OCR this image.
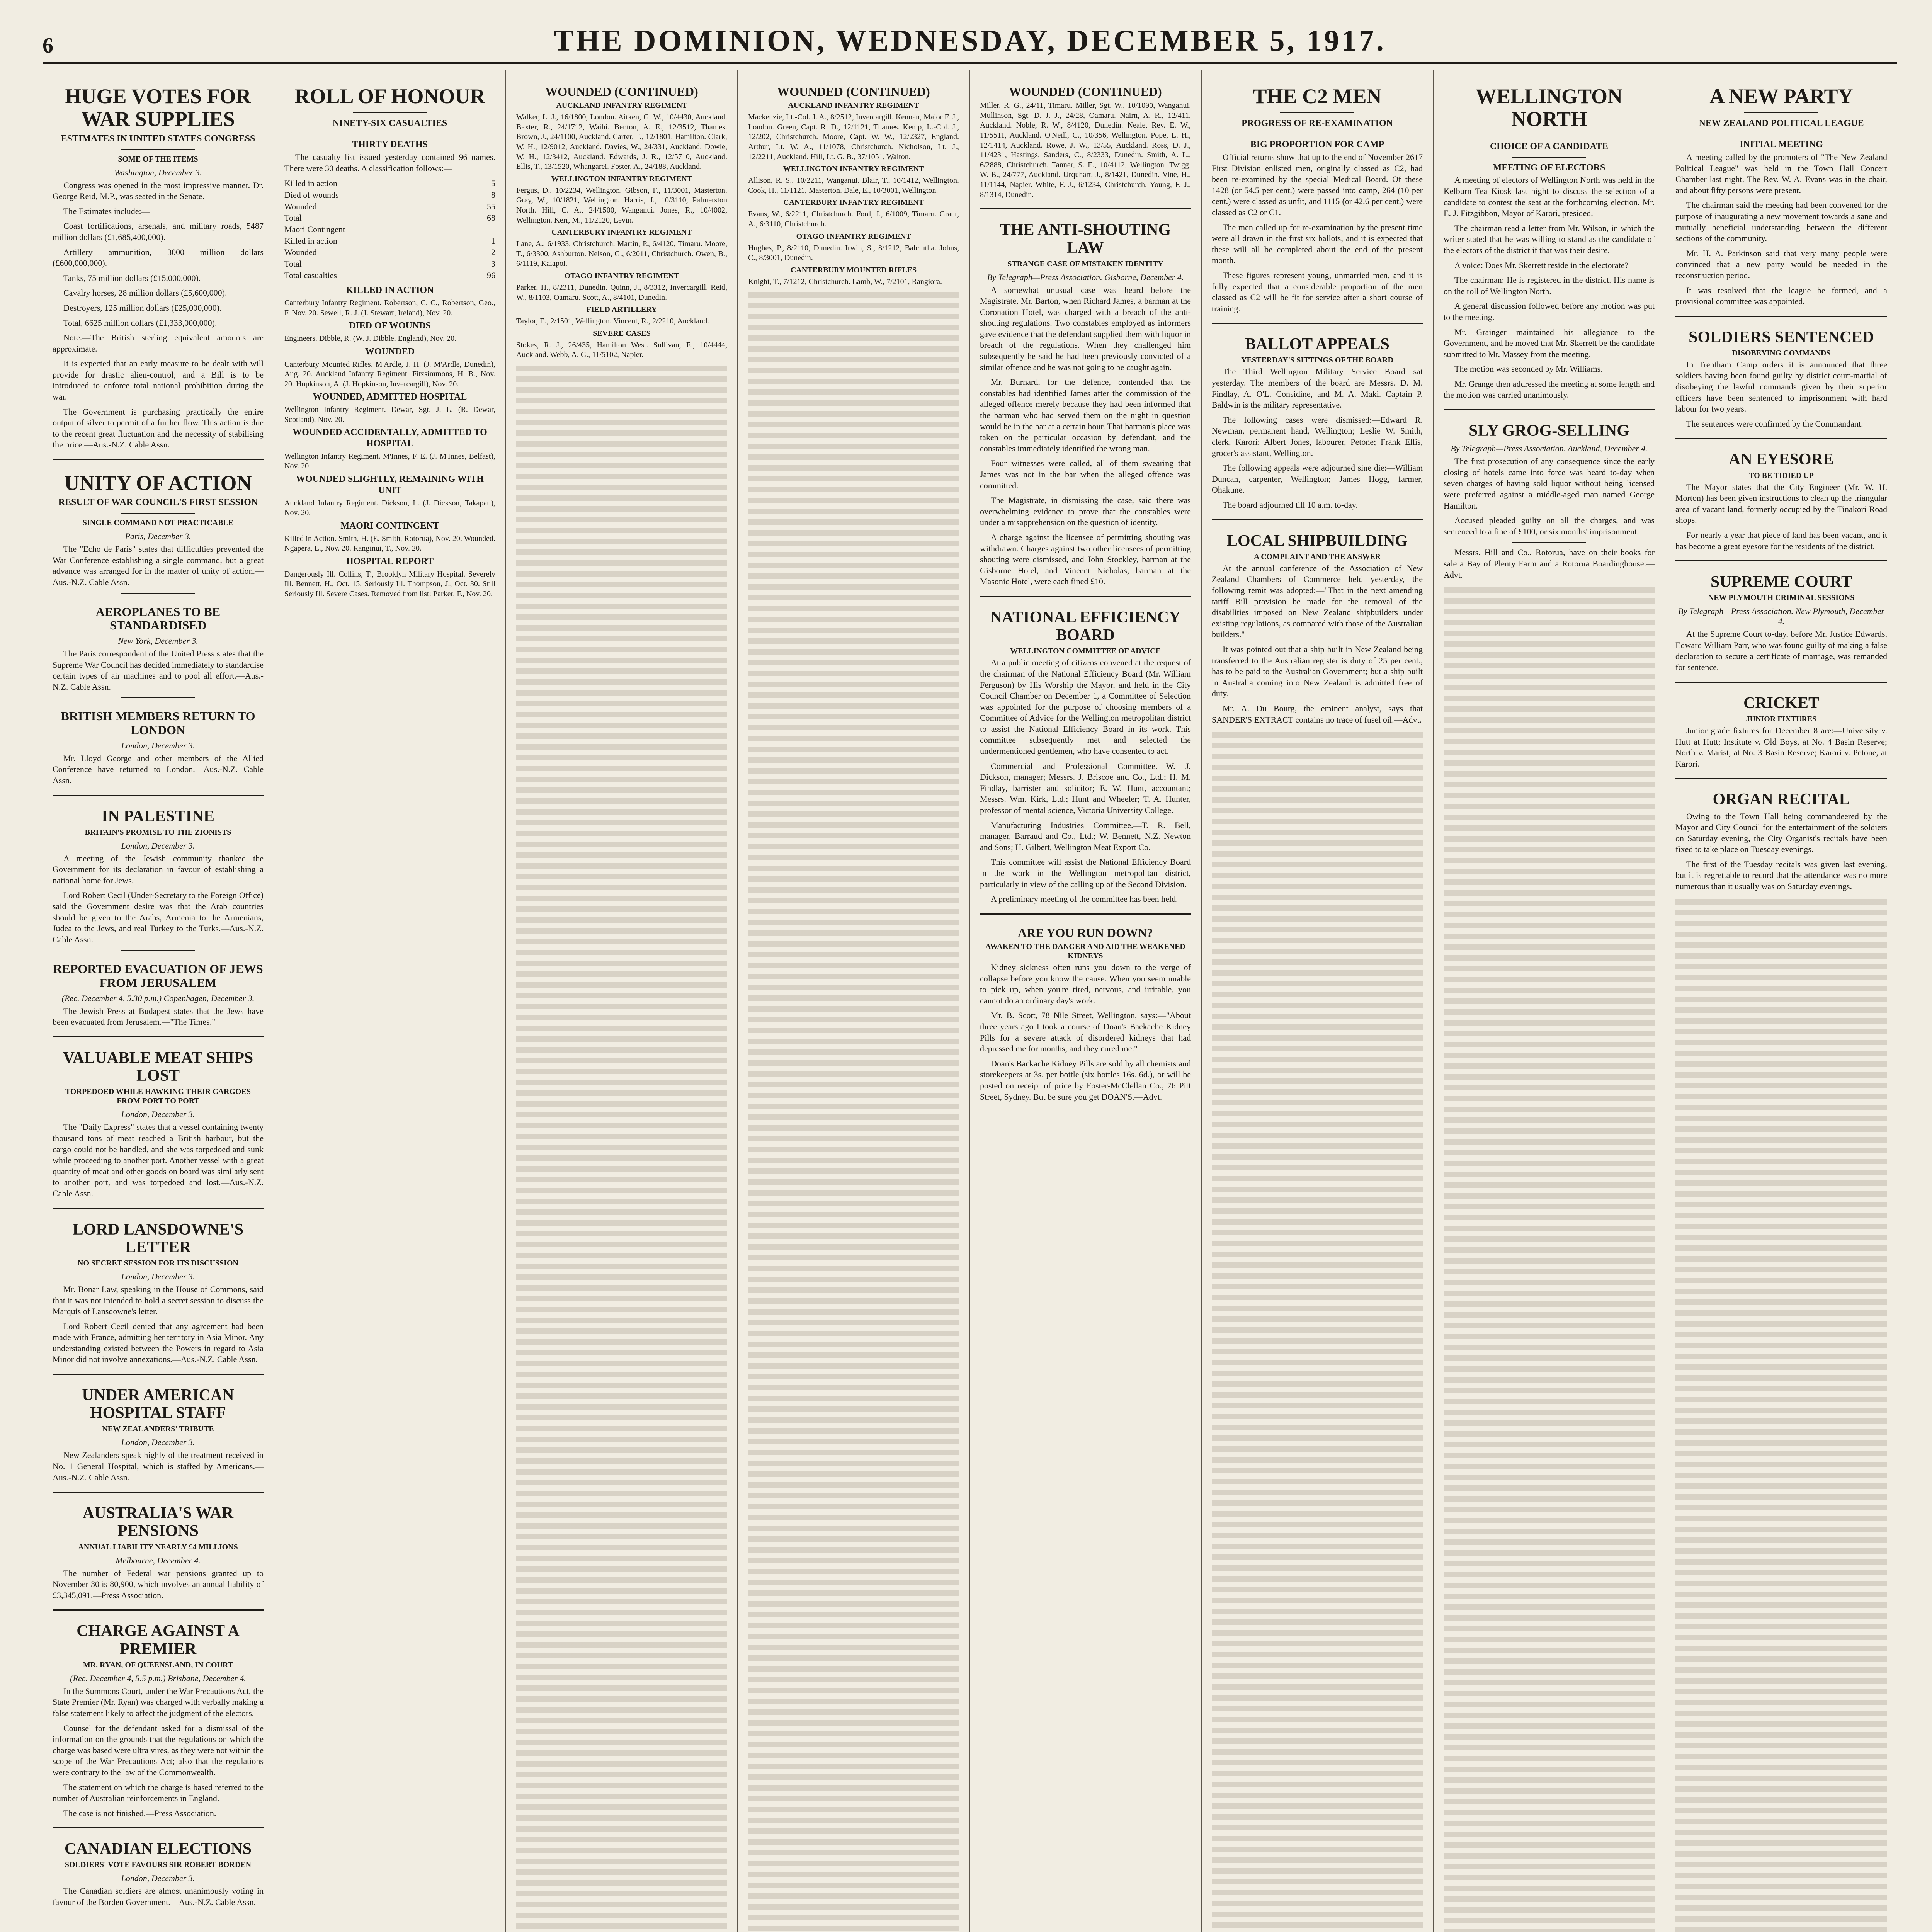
6	THE DOMINION, WEDNESDAY, DECEMBER 5, 1917.
HUGE VOTES FOR WAR SUPPLIES
ESTIMATES IN UNITED STATES CONGRESS
SOME OF THE ITEMS
Washington, December 3.

Congress was opened in the most impressive manner. Dr. George Reid, M.P., was seated in the Senate.

The Estimates include:—

Coast fortifications, arsenals, and military roads, 5487 million dollars (£1,685,400,000).

Artillery ammunition, 3000 million dollars (£600,000,000).

Tanks, 75 million dollars (£15,000,000).

Cavalry horses, 28 million dollars (£5,600,000).

Destroyers, 125 million dollars (£25,000,000).

Total, 6625 million dollars (£1,333,000,000).

Note.—The British sterling equivalent amounts are approximate.

It is expected that an early measure to be dealt with will provide for drastic alien-control; and a Bill is to be introduced to enforce total national prohibition during the war.

The Government is purchasing practically the entire output of silver to permit of a further flow. This action is due to the recent great fluctuation and the necessity of stabilising the price.—Aus.-N.Z. Cable Assn.

UNITY OF ACTION
RESULT OF WAR COUNCIL'S FIRST SESSION
SINGLE COMMAND NOT PRACTICABLE
Paris, December 3.

The "Echo de Paris" states that difficulties prevented the War Conference establishing a single command, but a great advance was arranged for in the matter of unity of action.—Aus.-N.Z. Cable Assn.

AEROPLANES TO BE STANDARDISED
New York, December 3.

The Paris correspondent of the United Press states that the Supreme War Council has decided immediately to standardise certain types of air machines and to pool all effort.—Aus.-N.Z. Cable Assn.

BRITISH MEMBERS RETURN TO LONDON
London, December 3.

Mr. Lloyd George and other members of the Allied Conference have returned to London.—Aus.-N.Z. Cable Assn.

IN PALESTINE
BRITAIN'S PROMISE TO THE ZIONISTS
London, December 3.

A meeting of the Jewish community thanked the Government for its declaration in favour of establishing a national home for Jews.

Lord Robert Cecil (Under-Secretary to the Foreign Office) said the Government desire was that the Arab countries should be given to the Arabs, Armenia to the Armenians, Judea to the Jews, and real Turkey to the Turks.—Aus.-N.Z. Cable Assn.

REPORTED EVACUATION OF JEWS FROM JERUSALEM
(Rec. December 4, 5.30 p.m.) Copenhagen, December 3.

The Jewish Press at Budapest states that the Jews have been evacuated from Jerusalem.—"The Times."

VALUABLE MEAT SHIPS LOST
TORPEDOED WHILE HAWKING THEIR CARGOES FROM PORT TO PORT
London, December 3.

The "Daily Express" states that a vessel containing twenty thousand tons of meat reached a British harbour, but the cargo could not be handled, and she was torpedoed and sunk while proceeding to another port. Another vessel with a great quantity of meat and other goods on board was similarly sent to another port, and was torpedoed and lost.—Aus.-N.Z. Cable Assn.

LORD LANSDOWNE'S LETTER
NO SECRET SESSION FOR ITS DISCUSSION
London, December 3.

Mr. Bonar Law, speaking in the House of Commons, said that it was not intended to hold a secret session to discuss the Marquis of Lansdowne's letter.

Lord Robert Cecil denied that any agreement had been made with France, admitting her territory in Asia Minor. Any understanding existed between the Powers in regard to Asia Minor did not involve annexations.—Aus.-N.Z. Cable Assn.

UNDER AMERICAN HOSPITAL STAFF
NEW ZEALANDERS' TRIBUTE
London, December 3.

New Zealanders speak highly of the treatment received in No. 1 General Hospital, which is staffed by Americans.—Aus.-N.Z. Cable Assn.

AUSTRALIA'S WAR PENSIONS
ANNUAL LIABILITY NEARLY £4 MILLIONS
Melbourne, December 4.

The number of Federal war pensions granted up to November 30 is 80,900, which involves an annual liability of £3,345,091.—Press Association.

CHARGE AGAINST A PREMIER
MR. RYAN, OF QUEENSLAND, IN COURT
(Rec. December 4, 5.5 p.m.) Brisbane, December 4.

In the Summons Court, under the War Precautions Act, the State Premier (Mr. Ryan) was charged with verbally making a false statement likely to affect the judgment of the electors.

Counsel for the defendant asked for a dismissal of the information on the grounds that the regulations on which the charge was based were ultra vires, as they were not within the scope of the War Precautions Act; also that the regulations were contrary to the law of the Commonwealth.

The statement on which the charge is based referred to the number of Australian reinforcements in England.

The case is not finished.—Press Association.

CANADIAN ELECTIONS
SOLDIERS' VOTE FAVOURS SIR ROBERT BORDEN
London, December 3.

The Canadian soldiers are almost unanimously voting in favour of the Borden Government.—Aus.-N.Z. Cable Assn.

ROLL OF HONOUR
NINETY-SIX CASUALTIES
THIRTY DEATHS

The casualty list issued yesterday contained 96 names. There were 30 deaths. A classification follows:—

Killed in action	5
Died of wounds	8
Wounded	55
Total	68
Maori Contingent
Killed in action	1
Wounded	2
Total	3
Total casualties	96
KILLED IN ACTION
Canterbury Infantry Regiment. Robertson, C. C., Robertson, Geo., F. Nov. 20. Sewell, R. J. (J. Stewart, Ireland), Nov. 20.
DIED OF WOUNDS
Engineers. Dibble, R. (W. J. Dibble, England), Nov. 20.
WOUNDED
Canterbury Mounted Rifles. M'Ardle, J. H. (J. M'Ardle, Dunedin), Aug. 20. Auckland Infantry Regiment. Fitzsimmons, H. B., Nov. 20. Hopkinson, A. (J. Hopkinson, Invercargill), Nov. 20.
WOUNDED, ADMITTED HOSPITAL
Wellington Infantry Regiment. Dewar, Sgt. J. L. (R. Dewar, Scotland), Nov. 20.
WOUNDED ACCIDENTALLY, ADMITTED TO HOSPITAL
Wellington Infantry Regiment. M'Innes, F. E. (J. M'Innes, Belfast), Nov. 20.
WOUNDED SLIGHTLY, REMAINING WITH UNIT
Auckland Infantry Regiment. Dickson, L. (J. Dickson, Takapau), Nov. 20.
MAORI CONTINGENT
Killed in Action. Smith, H. (E. Smith, Rotorua), Nov. 20. Wounded. Ngapera, L., Nov. 20. Ranginui, T., Nov. 20.
HOSPITAL REPORT
Dangerously Ill. Collins, T., Brooklyn Military Hospital. Severely Ill. Bennett, H., Oct. 15. Seriously Ill. Thompson, J., Oct. 30. Still Seriously Ill. Severe Cases. Removed from list: Parker, F., Nov. 20.
WOUNDED (CONTINUED)
AUCKLAND INFANTRY REGIMENT
Walker, L. J., 16/1800, London. Aitken, G. W., 10/4430, Auckland. Baxter, R., 24/1712, Waihi. Benton, A. E., 12/3512, Thames. Brown, J., 24/1100, Auckland. Carter, T., 12/1801, Hamilton. Clark, W. H., 12/9012, Auckland. Davies, W., 24/331, Auckland. Dowle, W. H., 12/3412, Auckland. Edwards, J. R., 12/5710, Auckland. Ellis, T., 13/1520, Whangarei. Foster, A., 24/188, Auckland.
WELLINGTON INFANTRY REGIMENT
Fergus, D., 10/2234, Wellington. Gibson, F., 11/3001, Masterton. Gray, W., 10/1821, Wellington. Harris, J., 10/3110, Palmerston North. Hill, C. A., 24/1500, Wanganui. Jones, R., 10/4002, Wellington. Kerr, M., 11/2120, Levin.
CANTERBURY INFANTRY REGIMENT
Lane, A., 6/1933, Christchurch. Martin, P., 6/4120, Timaru. Moore, T., 6/3300, Ashburton. Nelson, G., 6/2011, Christchurch. Owen, B., 6/1119, Kaiapoi.
OTAGO INFANTRY REGIMENT
Parker, H., 8/2311, Dunedin. Quinn, J., 8/3312, Invercargill. Reid, W., 8/1103, Oamaru. Scott, A., 8/4101, Dunedin.
FIELD ARTILLERY
Taylor, E., 2/1501, Wellington. Vincent, R., 2/2210, Auckland.
SEVERE CASES
Stokes, R. J., 26/435, Hamilton West. Sullivan, E., 10/4444, Auckland. Webb, A. G., 11/5102, Napier.
WOUNDED (CONTINUED)
AUCKLAND INFANTRY REGIMENT
Mackenzie, Lt.-Col. J. A., 8/2512, Invercargill. Kennan, Major F. J., London. Green, Capt. R. D., 12/1121, Thames. Kemp, L.-Cpl. J., 12/202, Christchurch. Moore, Capt. W. W., 12/2327, England. Arthur, Lt. W. A., 11/1078, Christchurch. Nicholson, Lt. J., 12/2211, Auckland. Hill, Lt. G. B., 37/1051, Walton.
WELLINGTON INFANTRY REGIMENT
Allison, R. S., 10/2211, Wanganui. Blair, T., 10/1412, Wellington. Cook, H., 11/1121, Masterton. Dale, E., 10/3001, Wellington.
CANTERBURY INFANTRY REGIMENT
Evans, W., 6/2211, Christchurch. Ford, J., 6/1009, Timaru. Grant, A., 6/3110, Christchurch.
OTAGO INFANTRY REGIMENT
Hughes, P., 8/2110, Dunedin. Irwin, S., 8/1212, Balclutha. Johns, C., 8/3001, Dunedin.
CANTERBURY MOUNTED RIFLES
Knight, T., 7/1212, Christchurch. Lamb, W., 7/2101, Rangiora.
WOUNDED (CONTINUED)
Miller, R. G., 24/11, Timaru. Miller, Sgt. W., 10/1090, Wanganui. Mullinson, Sgt. D. J. J., 24/28, Oamaru. Nairn, A. R., 12/411, Auckland. Noble, R. W., 8/4120, Dunedin. Neale, Rev. E. W., 11/5511, Auckland. O'Neill, C., 10/356, Wellington. Pope, L. H., 12/1414, Auckland. Rowe, J. W., 13/55, Auckland. Ross, D. J., 11/4231, Hastings. Sanders, C., 8/2333, Dunedin. Smith, A. L., 6/2888, Christchurch. Tanner, S. E., 10/4112, Wellington. Twigg, W. B., 24/777, Auckland. Urquhart, J., 8/1421, Dunedin. Vine, H., 11/1144, Napier. White, F. J., 6/1234, Christchurch. Young, F. J., 8/1314, Dunedin.
THE ANTI-SHOUTING LAW
STRANGE CASE OF MISTAKEN IDENTITY
By Telegraph—Press Association. Gisborne, December 4.

A somewhat unusual case was heard before the Magistrate, Mr. Barton, when Richard James, a barman at the Coronation Hotel, was charged with a breach of the anti-shouting regulations. Two constables employed as informers gave evidence that the defendant supplied them with liquor in breach of the regulations. When they challenged him subsequently he said he had been previously convicted of a similar offence and he was not going to be caught again.

Mr. Burnard, for the defence, contended that the constables had identified James after the commission of the alleged offence merely because they had been informed that the barman who had served them on the night in question would be in the bar at a certain hour. That barman's place was taken on the particular occasion by defendant, and the constables immediately identified the wrong man.

Four witnesses were called, all of them swearing that James was not in the bar when the alleged offence was committed.

The Magistrate, in dismissing the case, said there was overwhelming evidence to prove that the constables were under a misapprehension on the question of identity.

A charge against the licensee of permitting shouting was withdrawn. Charges against two other licensees of permitting shouting were dismissed, and John Stockley, barman at the Gisborne Hotel, and Vincent Nicholas, barman at the Masonic Hotel, were each fined £10.

NATIONAL EFFICIENCY BOARD
WELLINGTON COMMITTEE OF ADVICE

At a public meeting of citizens convened at the request of the chairman of the National Efficiency Board (Mr. William Ferguson) by His Worship the Mayor, and held in the City Council Chamber on December 1, a Committee of Selection was appointed for the purpose of choosing members of a Committee of Advice for the Wellington metropolitan district to assist the National Efficiency Board in its work. This committee subsequently met and selected the undermentioned gentlemen, who have consented to act.

Commercial and Professional Committee.—W. J. Dickson, manager; Messrs. J. Briscoe and Co., Ltd.; H. M. Findlay, barrister and solicitor; E. W. Hunt, accountant; Messrs. Wm. Kirk, Ltd.; Hunt and Wheeler; T. A. Hunter, professor of mental science, Victoria University College.

Manufacturing Industries Committee.—T. R. Bell, manager, Barraud and Co., Ltd.; W. Bennett, N.Z. Newton and Sons; H. Gilbert, Wellington Meat Export Co.

This committee will assist the National Efficiency Board in the work in the Wellington metropolitan district, particularly in view of the calling up of the Second Division.

A preliminary meeting of the committee has been held.

ARE YOU RUN DOWN?
AWAKEN TO THE DANGER AND AID THE WEAKENED KIDNEYS

Kidney sickness often runs you down to the verge of collapse before you know the cause. When you seem unable to pick up, when you're tired, nervous, and irritable, you cannot do an ordinary day's work.

Mr. B. Scott, 78 Nile Street, Wellington, says:—"About three years ago I took a course of Doan's Backache Kidney Pills for a severe attack of disordered kidneys that had depressed me for months, and they cured me."

Doan's Backache Kidney Pills are sold by all chemists and storekeepers at 3s. per bottle (six bottles 16s. 6d.), or will be posted on receipt of price by Foster-McClellan Co., 76 Pitt Street, Sydney. But be sure you get DOAN'S.—Advt.

THE C2 MEN
PROGRESS OF RE-EXAMINATION
BIG PROPORTION FOR CAMP

Official returns show that up to the end of November 2617 First Division enlisted men, originally classed as C2, had been re-examined by the special Medical Board. Of these 1428 (or 54.5 per cent.) were passed into camp, 264 (10 per cent.) were classed as unfit, and 1115 (or 42.6 per cent.) were classed as C2 or C1.

The men called up for re-examination by the present time were all drawn in the first six ballots, and it is expected that these will all be completed about the end of the present month.

These figures represent young, unmarried men, and it is fully expected that a considerable proportion of the men classed as C2 will be fit for service after a short course of training.

BALLOT APPEALS
YESTERDAY'S SITTINGS OF THE BOARD

The Third Wellington Military Service Board sat yesterday. The members of the board are Messrs. D. M. Findlay, A. O'L. Considine, and M. A. Maki. Captain P. Baldwin is the military representative.

The following cases were dismissed:—Edward R. Newman, permanent hand, Wellington; Leslie W. Smith, clerk, Karori; Albert Jones, labourer, Petone; Frank Ellis, grocer's assistant, Wellington.

The following appeals were adjourned sine die:—William Duncan, carpenter, Wellington; James Hogg, farmer, Ohakune.

The board adjourned till 10 a.m. to-day.

LOCAL SHIPBUILDING
A COMPLAINT AND THE ANSWER

At the annual conference of the Association of New Zealand Chambers of Commerce held yesterday, the following remit was adopted:—"That in the next amending tariff Bill provision be made for the removal of the disabilities imposed on New Zealand shipbuilders under existing regulations, as compared with those of the Australian builders."

It was pointed out that a ship built in New Zealand being transferred to the Australian register is duty of 25 per cent., has to be paid to the Australian Government; but a ship built in Australia coming into New Zealand is admitted free of duty.

Mr. A. Du Bourg, the eminent analyst, says that SANDER'S EXTRACT contains no trace of fusel oil.—Advt.

WELLINGTON NORTH
CHOICE OF A CANDIDATE
MEETING OF ELECTORS

A meeting of electors of Wellington North was held in the Kelburn Tea Kiosk last night to discuss the selection of a candidate to contest the seat at the forthcoming election. Mr. E. J. Fitzgibbon, Mayor of Karori, presided.

The chairman read a letter from Mr. Wilson, in which the writer stated that he was willing to stand as the candidate of the electors of the district if that was their desire.

A voice: Does Mr. Skerrett reside in the electorate?

The chairman: He is registered in the district. His name is on the roll of Wellington North.

A general discussion followed before any motion was put to the meeting.

Mr. Grainger maintained his allegiance to the Government, and he moved that Mr. Skerrett be the candidate submitted to Mr. Massey from the meeting.

The motion was seconded by Mr. Williams.

Mr. Grange then addressed the meeting at some length and the motion was carried unanimously.

SLY GROG-SELLING
By Telegraph—Press Association. Auckland, December 4.

The first prosecution of any consequence since the early closing of hotels came into force was heard to-day when seven charges of having sold liquor without being licensed were preferred against a middle-aged man named George Hamilton.

Accused pleaded guilty on all the charges, and was sentenced to a fine of £100, or six months' imprisonment.

Messrs. Hill and Co., Rotorua, have on their books for sale a Bay of Plenty Farm and a Rotorua Boardinghouse.—Advt.

A NEW PARTY
NEW ZEALAND POLITICAL LEAGUE
INITIAL MEETING

A meeting called by the promoters of "The New Zealand Political League" was held in the Town Hall Concert Chamber last night. The Rev. W. A. Evans was in the chair, and about fifty persons were present.

The chairman said the meeting had been convened for the purpose of inaugurating a new movement towards a sane and mutually beneficial understanding between the different sections of the community.

Mr. H. A. Parkinson said that very many people were convinced that a new party would be needed in the reconstruction period.

It was resolved that the league be formed, and a provisional committee was appointed.

SOLDIERS SENTENCED
DISOBEYING COMMANDS

In Trentham Camp orders it is announced that three soldiers having been found guilty by district court-martial of disobeying the lawful commands given by their superior officers have been sentenced to imprisonment with hard labour for two years.

The sentences were confirmed by the Commandant.

AN EYESORE
TO BE TIDIED UP

The Mayor states that the City Engineer (Mr. W. H. Morton) has been given instructions to clean up the triangular area of vacant land, formerly occupied by the Tinakori Road shops.

For nearly a year that piece of land has been vacant, and it has become a great eyesore for the residents of the district.

SUPREME COURT
NEW PLYMOUTH CRIMINAL SESSIONS
By Telegraph—Press Association. New Plymouth, December 4.

At the Supreme Court to-day, before Mr. Justice Edwards, Edward William Parr, who was found guilty of making a false declaration to secure a certificate of marriage, was remanded for sentence.

CRICKET
JUNIOR FIXTURES

Junior grade fixtures for December 8 are:—University v. Hutt at Hutt; Institute v. Old Boys, at No. 4 Basin Reserve; North v. Marist, at No. 3 Basin Reserve; Karori v. Petone, at Karori.

ORGAN RECITAL

Owing to the Town Hall being commandeered by the Mayor and City Council for the entertainment of the soldiers on Saturday evening, the City Organist's recitals have been fixed to take place on Tuesday evenings.

The first of the Tuesday recitals was given last evening, but it is regrettable to record that the attendance was no more numerous than it usually was on Saturday evenings.
